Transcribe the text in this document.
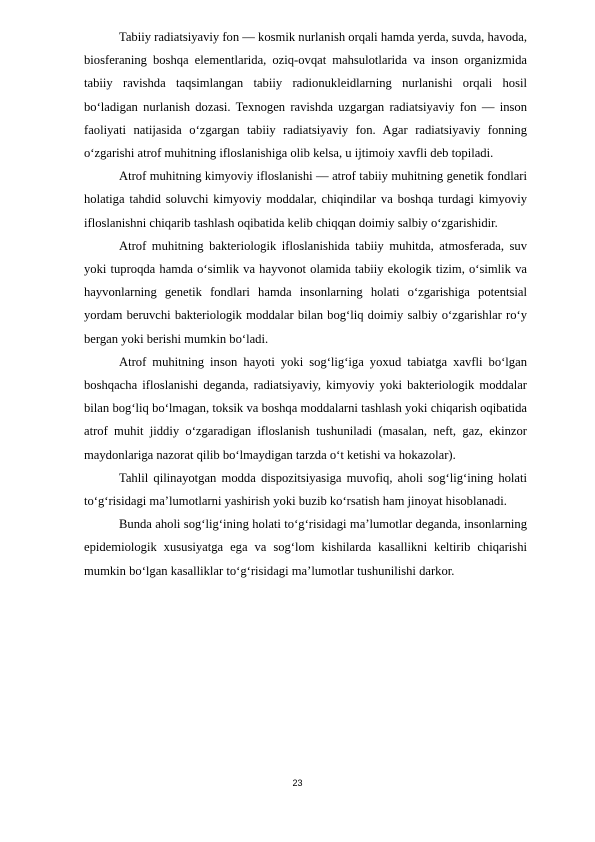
Tabiiy radiatsiyaviy fon — kosmik nurlanish orqali hamda yerda, suvda, havoda, biosferaning boshqa elementlarida, oziq-ovqat mahsulotlarida va inson organizmida tabiiy ravishda taqsimlangan tabiiy radionukleidlarning nurlanishi orqali hosil bo‘ladigan nurlanish dozasi. Texnogen ravishda uzgargan radiatsiyaviy fon — inson faoliyati natijasida o‘zgargan tabiiy radiatsiyaviy fon. Agar radiatsiyaviy fonning o‘zgarishi atrof muhitning ifloslanishiga olib kelsa, u ijtimoiy xavfli deb topiladi.

Atrof muhitning kimyoviy ifloslanishi — atrof tabiiy muhitning genetik fondlari holatiga tahdid soluvchi kimyoviy moddalar, chiqindilar va boshqa turdagi kimyoviy ifloslanishni chiqarib tashlash oqibatida kelib chiqqan doimiy salbiy o‘zgarishidir.

Atrof muhitning bakteriologik ifloslanishida tabiiy muhitda, atmosferada, suv yoki tuproqda hamda o‘simlik va hayvonot olamida tabiiy ekologik tizim, o‘simlik va hayvonlarning genetik fondlari hamda insonlarning holati o‘zgarishiga potentsial yordam beruvchi bakteriologik moddalar bilan bog‘liq doimiy salbiy o‘zgarishlar ro‘y bergan yoki berishi mumkin bo‘ladi.

Atrof muhitning inson hayoti yoki sog‘lig‘iga yoxud tabiatga xavfli bo‘lgan boshqacha ifloslanishi deganda, radiatsiyaviy, kimyoviy yoki bakteriologik moddalar bilan bog‘liq bo‘lmagan, toksik va boshqa moddalarni tashlash yoki chiqarish oqibatida atrof muhit jiddiy o‘zgaradigan ifloslanish tushuniladi (masalan, neft, gaz, ekinzor maydonlariga nazorat qilib bo‘lmaydigan tarzda o‘t ketishi va hokazolar).

Tahlil qilinayotgan modda dispozitsiyasiga muvofiq, aholi sog‘lig‘ining holati to‘g‘risidagi ma’lumotlarni yashirish yoki buzib ko‘rsatish ham jinoyat hisoblanadi.

Bunda aholi sog‘lig‘ining holati to‘g‘risidagi ma’lumotlar deganda, insonlarning epidemiologik xususiyatga ega va sog‘lom kishilarda kasallikni keltirib chiqarishi mumkin bo‘lgan kasalliklar to‘g‘risidagi ma’lumotlar tushunilishi darkor.

23
